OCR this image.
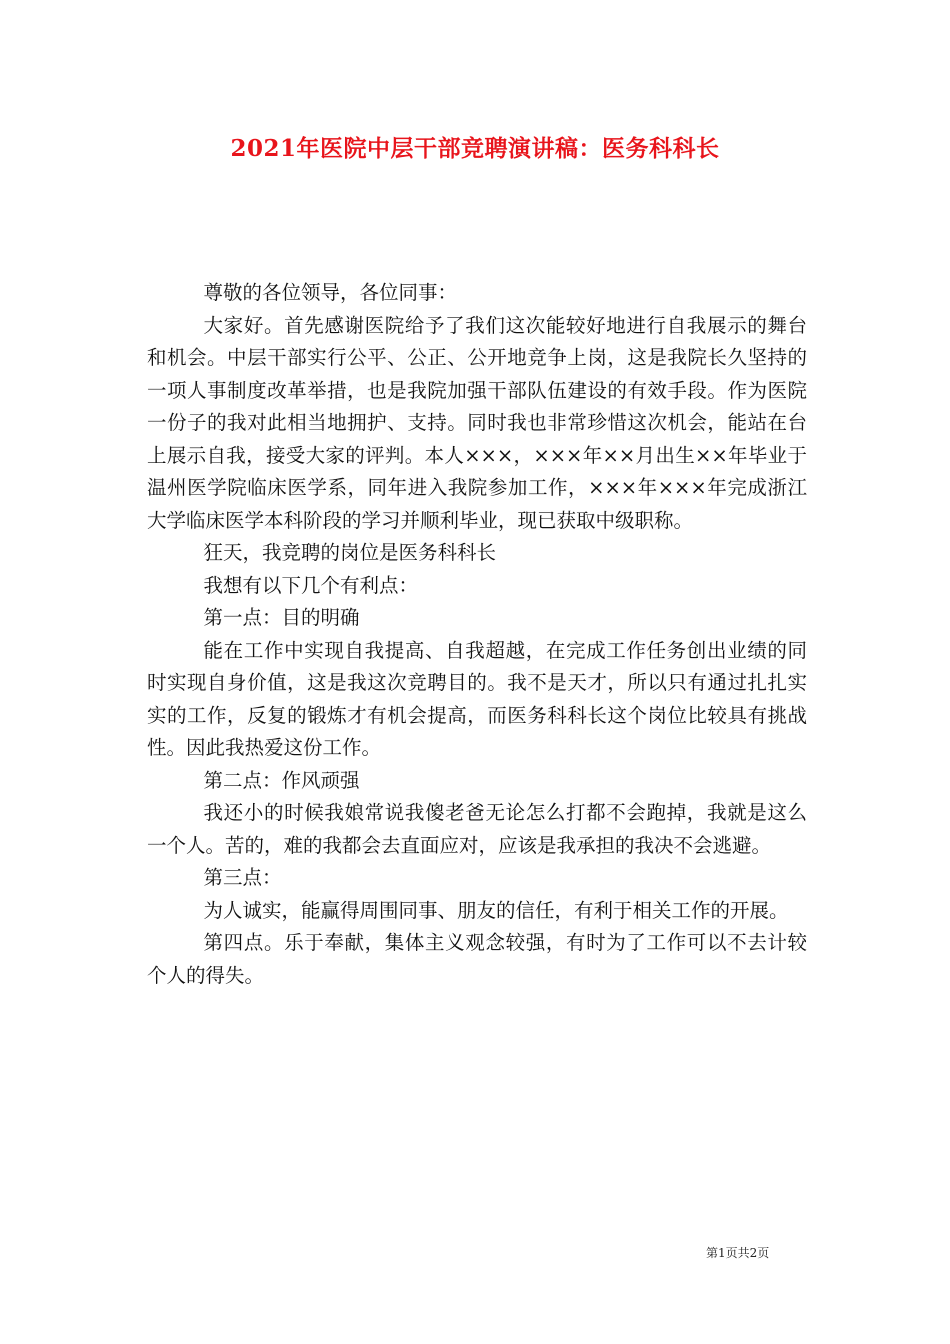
2021年医院中层干部竞聘演讲稿：医务科科长

尊敬的各位领导，各位同事：

大家好。首先感谢医院给予了我们这次能较好地进行自我展示的舞台和机会。中层干部实行公平、公正、公开地竞争上岗，这是我院长久坚持的一项人事制度改革举措，也是我院加强干部队伍建设的有效手段。作为医院一份子的我对此相当地拥护、支持。同时我也非常珍惜这次机会，能站在台上展示自我，接受大家的评判。本人×××，×××年××月出生××年毕业于温州医学院临床医学系，同年进入我院参加工作，×××年×××年完成浙江大学临床医学本科阶段的学习并顺利毕业，现已获取中级职称。

狂天，我竞聘的岗位是医务科科长

我想有以下几个有利点：

第一点：目的明确

能在工作中实现自我提高、自我超越，在完成工作任务创出业绩的同时实现自身价值，这是我这次竞聘目的。我不是天才，所以只有通过扎扎实实的工作，反复的锻炼才有机会提高，而医务科科长这个岗位比较具有挑战性。因此我热爱这份工作。

第二点：作风顽强

我还小的时候我娘常说我傻老爸无论怎么打都不会跑掉，我就是这么一个人。苦的，难的我都会去直面应对，应该是我承担的我决不会逃避。

第三点：

为人诚实，能赢得周围同事、朋友的信任，有利于相关工作的开展。

第四点。乐于奉献，集体主义观念较强，有时为了工作可以不去计较个人的得失。

第1页共2页
